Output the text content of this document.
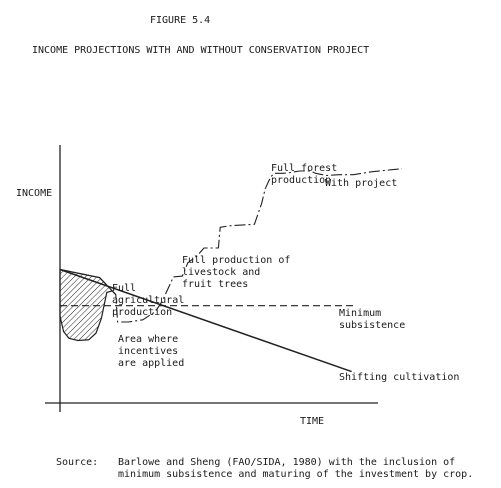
FIGURE 5.4
INCOME PROJECTIONS WITH AND WITHOUT CONSERVATION PROJECT
INCOME
TIME
Full
agricultural
production
Full production of
livestock and
fruit trees
Full forest
production
With project
Minimum
subsistence
Area where
incentives
are applied
Shifting cultivation
Source: Barlowe and Sheng (FAO/SIDA, 1980) with the inclusion of
minimum subsistence and maturing of the investment by crop.
